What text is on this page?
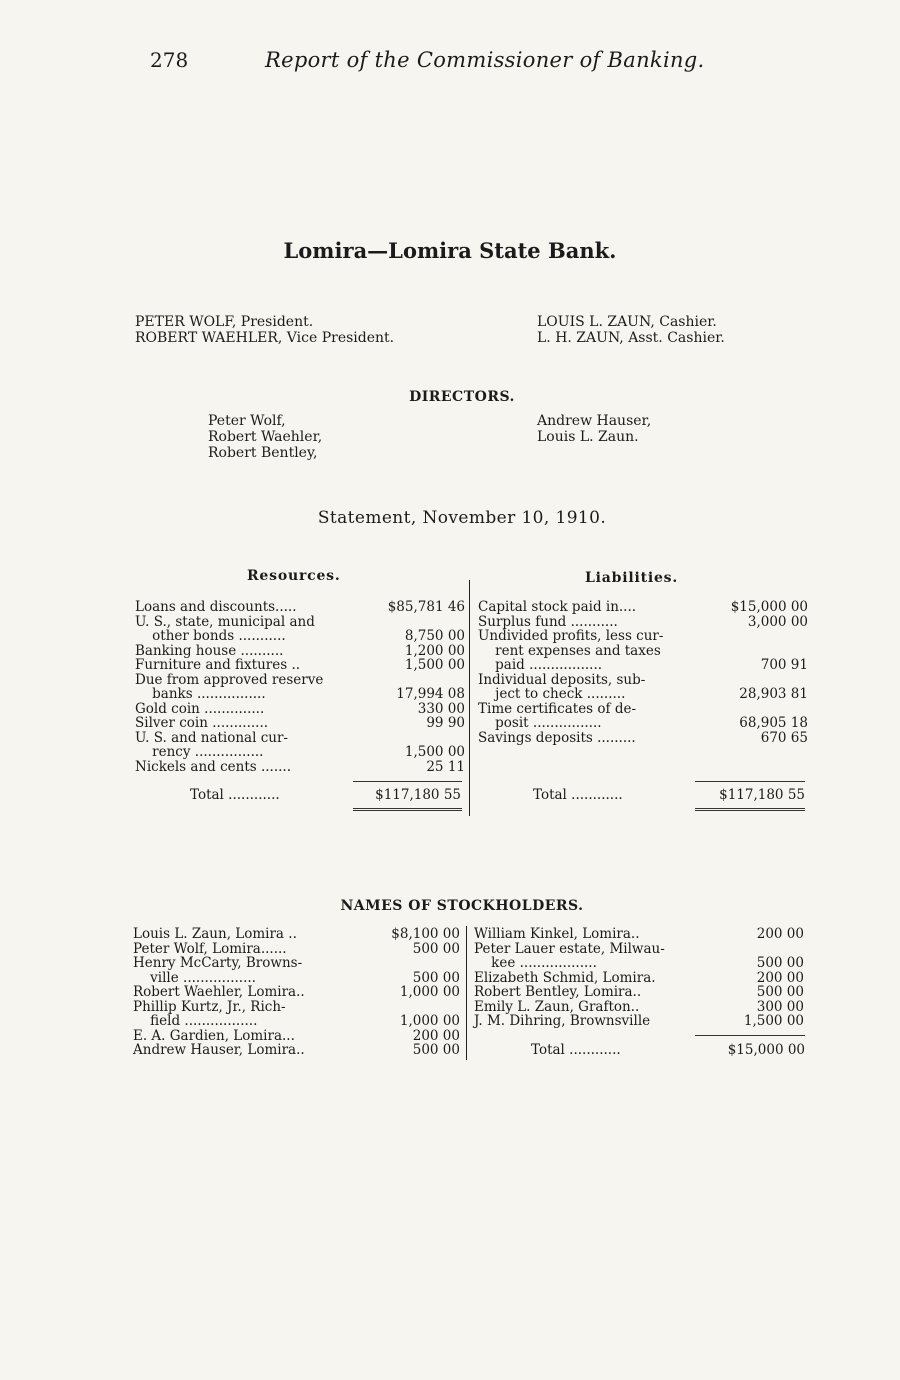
278	Report of the Commissioner of Banking.
Lomira—Lomira State Bank.
PETER WOLF, President.
ROBERT WAEHLER, Vice President.
LOUIS L. ZAUN, Cashier.
L. H. ZAUN, Asst. Cashier.
DIRECTORS.
Peter Wolf,
Robert Waehler,
Robert Bentley,
Andrew Hauser,
Louis L. Zaun.
Statement, November 10, 1910.
Resources.	Liabilities.
Loans and discounts.....	$85,781 46
U. S., state, municipal and
other bonds ...........	8,750 00
Banking house ..........	1,200 00
Furniture and fixtures ..	1,500 00
Due from approved reserve
banks ................	17,994 08
Gold coin ..............	330 00
Silver coin .............	99 90
U. S. and national cur-
rency ................	1,500 00
Nickels and cents .......	25 11
Capital stock paid in....	$15,000 00
Surplus fund ...........	3,000 00
Undivided profits, less cur-
rent expenses and taxes
paid .................	700 91
Individual deposits, sub-
ject to check .........	28,903 81
Time certificates of de-
posit ................	68,905 18
Savings deposits .........	670 65
Total ............	$117,180 55	Total ............	$117,180 55
NAMES OF STOCKHOLDERS.
Louis L. Zaun, Lomira ..	$8,100 00
Peter Wolf, Lomira......	500 00
Henry McCarty, Browns-
ville .................	500 00
Robert Waehler, Lomira..	1,000 00
Phillip Kurtz, Jr., Rich-
field .................	1,000 00
E. A. Gardien, Lomira...	200 00
Andrew Hauser, Lomira..	500 00
William Kinkel, Lomira..	200 00
Peter Lauer estate, Milwau-
kee ..................	500 00
Elizabeth Schmid, Lomira.	200 00
Robert Bentley, Lomira..	500 00
Emily L. Zaun, Grafton..	300 00
J. M. Dihring, Brownsville	1,500 00
Total ............	$15,000 00
